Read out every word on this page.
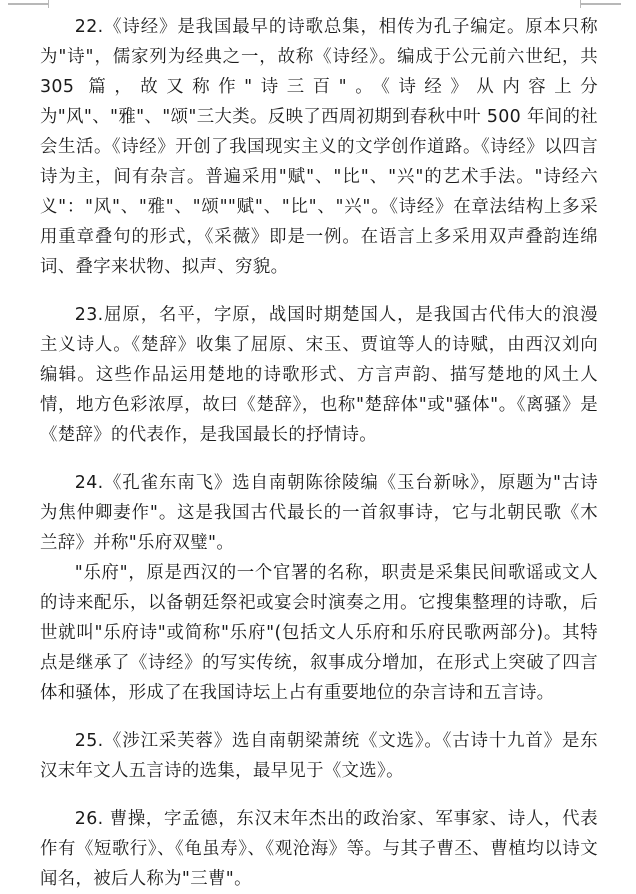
22.《诗经》是我国最早的诗歌总集，相传为孔子编定。原本只称为"诗"，儒家列为经典之一，故称《诗经》。编成于公元前六世纪，共 305 篇，故又称作"诗三百"。《诗经》从内容上分为"风"、"雅"、"颂"三大类。反映了西周初期到春秋中叶 500 年间的社会生活。《诗经》开创了我国现实主义的文学创作道路。《诗经》以四言诗为主，间有杂言。普遍采用"赋"、"比"、"兴"的艺术手法。"诗经六义"："风"、"雅"、"颂""赋"、"比"、"兴"。《诗经》在章法结构上多采用重章叠句的形式，《采薇》即是一例。在语言上多采用双声叠韵连绵词、叠字来状物、拟声、穷貌。

23.屈原，名平，字原，战国时期楚国人，是我国古代伟大的浪漫主义诗人。《楚辞》收集了屈原、宋玉、贾谊等人的诗赋，由西汉刘向编辑。这些作品运用楚地的诗歌形式、方言声韵、描写楚地的风土人情，地方色彩浓厚，故曰《楚辞》，也称"楚辞体"或"骚体"。《离骚》是《楚辞》的代表作，是我国最长的抒情诗。

24.《孔雀东南飞》选自南朝陈徐陵编《玉台新咏》，原题为"古诗为焦仲卿妻作"。这是我国古代最长的一首叙事诗，它与北朝民歌《木兰辞》并称"乐府双璧"。

"乐府"，原是西汉的一个官署的名称，职责是采集民间歌谣或文人的诗来配乐，以备朝廷祭祀或宴会时演奏之用。它搜集整理的诗歌，后世就叫"乐府诗"或简称"乐府"(包括文人乐府和乐府民歌两部分)。其特点是继承了《诗经》的写实传统，叙事成分增加，在形式上突破了四言体和骚体，形成了在我国诗坛上占有重要地位的杂言诗和五言诗。

25.《涉江采芙蓉》选自南朝梁萧统《文选》。《古诗十九首》是东汉末年文人五言诗的选集，最早见于《文选》。

26. 曹操，字孟德，东汉末年杰出的政治家、军事家、诗人，代表作有《短歌行》、《龟虽寿》、《观沧海》等。与其子曹丕、曹植均以诗文闻名，被后人称为"三曹"。
